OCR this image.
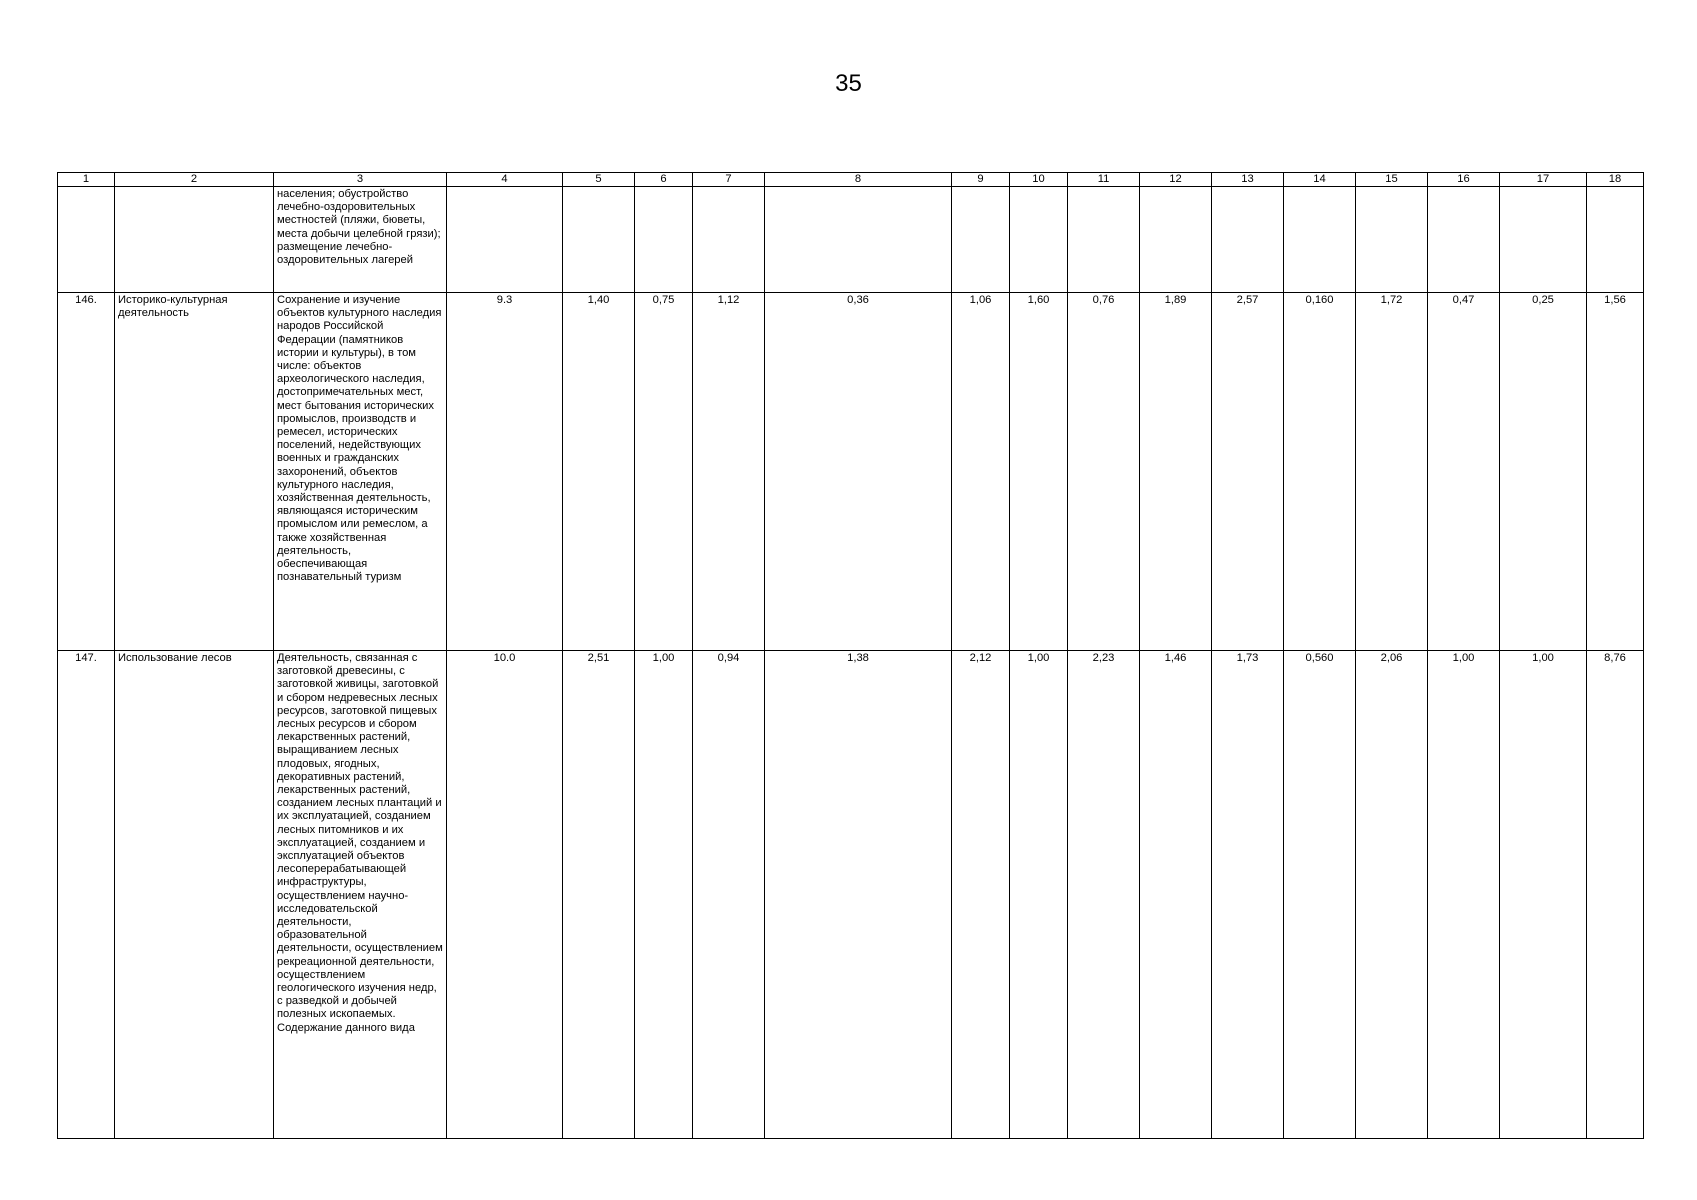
35
1	2	3	4	5	6	7	8	9	10	11	12	13	14	15	16	17	18
		населения; обустройство лечебно-оздоровительных местностей (пляжи, бюветы, места добычи целебной грязи); размещение лечебно-оздоровительных лагерей															
146.	Историко-культурная деятельность	Сохранение и изучение объектов культурного наследия народов Российской Федерации (памятников истории и культуры), в том числе: объектов археологического наследия, достопримечательных мест, мест бытования исторических промыслов, производств и ремесел, исторических поселений, недействующих военных и гражданских захоронений, объектов культурного наследия, хозяйственная деятельность, являющаяся историческим промыслом или ремеслом, а также хозяйственная деятельность, обеспечивающая познавательный туризм	9.3	1,40	0,75	1,12	0,36	1,06	1,60	0,76	1,89	2,57	0,160	1,72	0,47	0,25	1,56
147.	Использование лесов	Деятельность, связанная с заготовкой древесины, с заготовкой живицы, заготовкой и сбором недревесных лесных ресурсов, заготовкой пищевых лесных ресурсов и сбором лекарственных растений, выращиванием лесных плодовых, ягодных, декоративных растений, лекарственных растений, созданием лесных плантаций и их эксплуатацией, созданием лесных питомников и их эксплуатацией, созданием и эксплуатацией объектов лесоперерабатывающей инфраструктуры, осуществлением научно-исследовательской деятельности, образовательной деятельности, осуществлением рекреационной деятельности, осуществлением геологического изучения недр, с разведкой и добычей полезных ископаемых. Содержание данного вида	10.0	2,51	1,00	0,94	1,38	2,12	1,00	2,23	1,46	1,73	0,560	2,06	1,00	1,00	8,76
